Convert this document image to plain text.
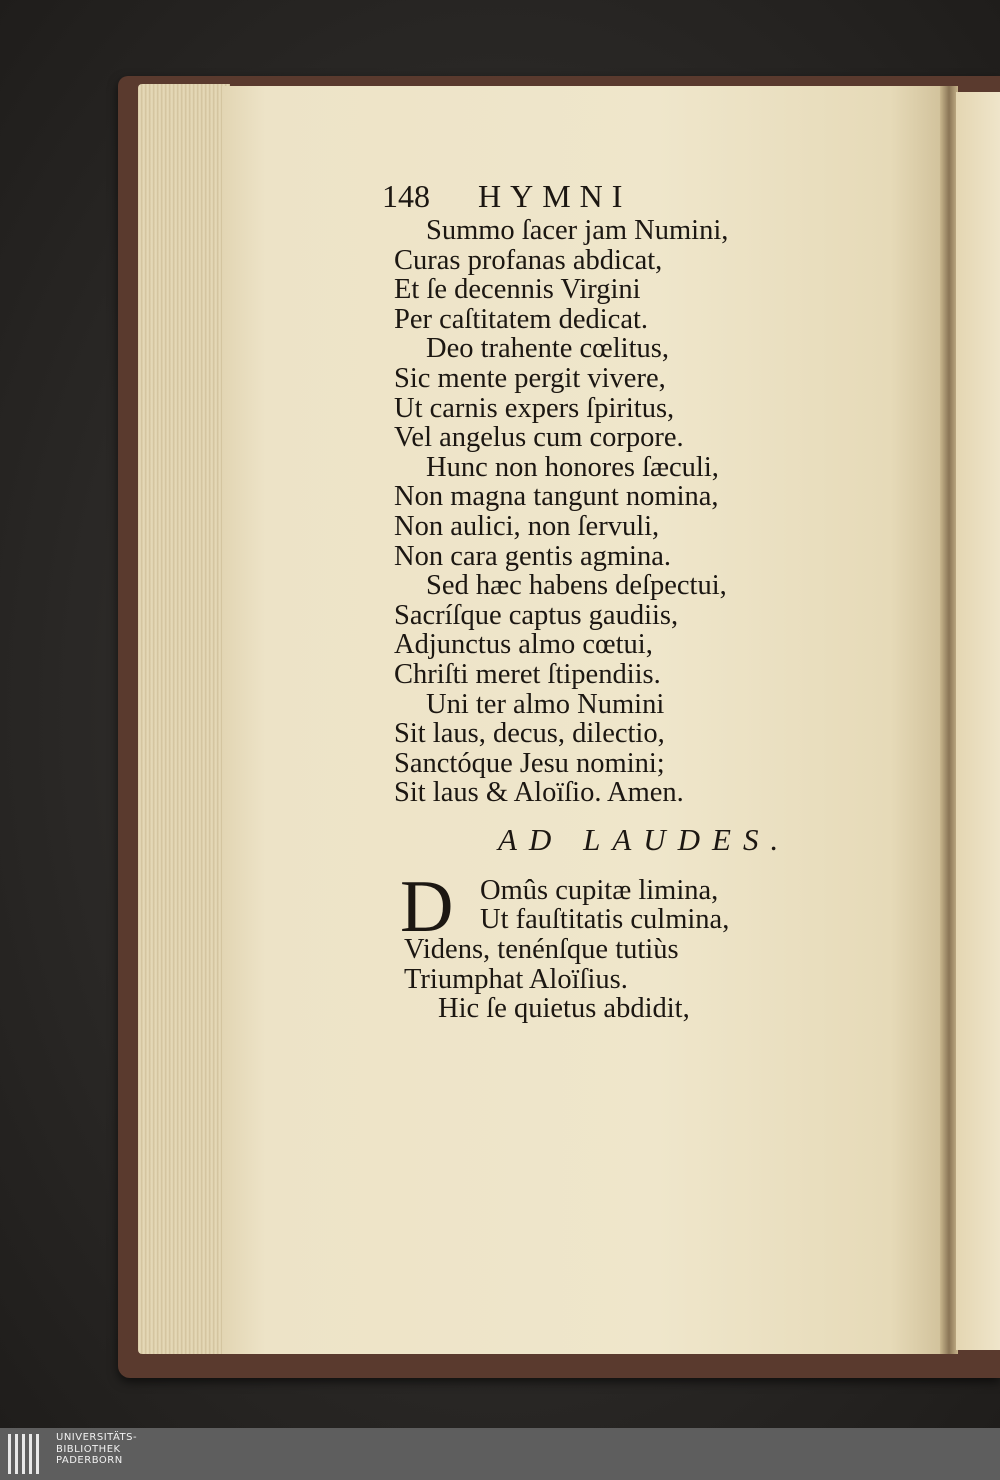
148 HYMNI
Summo ſacer jam Numini,
Curas profanas abdicat,
Et ſe decennis Virgini
Per caſtitatem dedicat.
Deo trahente cœlitus,
Sic mente pergit vivere,
Ut carnis expers ſpiritus,
Vel angelus cum corpore.
Hunc non honores ſæculi,
Non magna tangunt nomina,
Non aulici, non ſervuli,
Non cara gentis agmina.
Sed hæc habens deſpectui,
Sacríſque captus gaudiis,
Adjunctus almo cœtui,
Chriſti meret ſtipendiis.
Uni ter almo Numini
Sit laus, decus, dilectio,
Sanctóque Jesu nomini;
Sit laus & Aloïſio. Amen.
AD LAUDES.
D Omûs cupitæ limina,
Ut fauſtitatis culmina,
Videns, tenénſque tutiùs
Triumphat Aloïſius.
Hic ſe quietus abdidit,
UNIVERSITÄTS-
BIBLIOTHEK
PADERBORN
